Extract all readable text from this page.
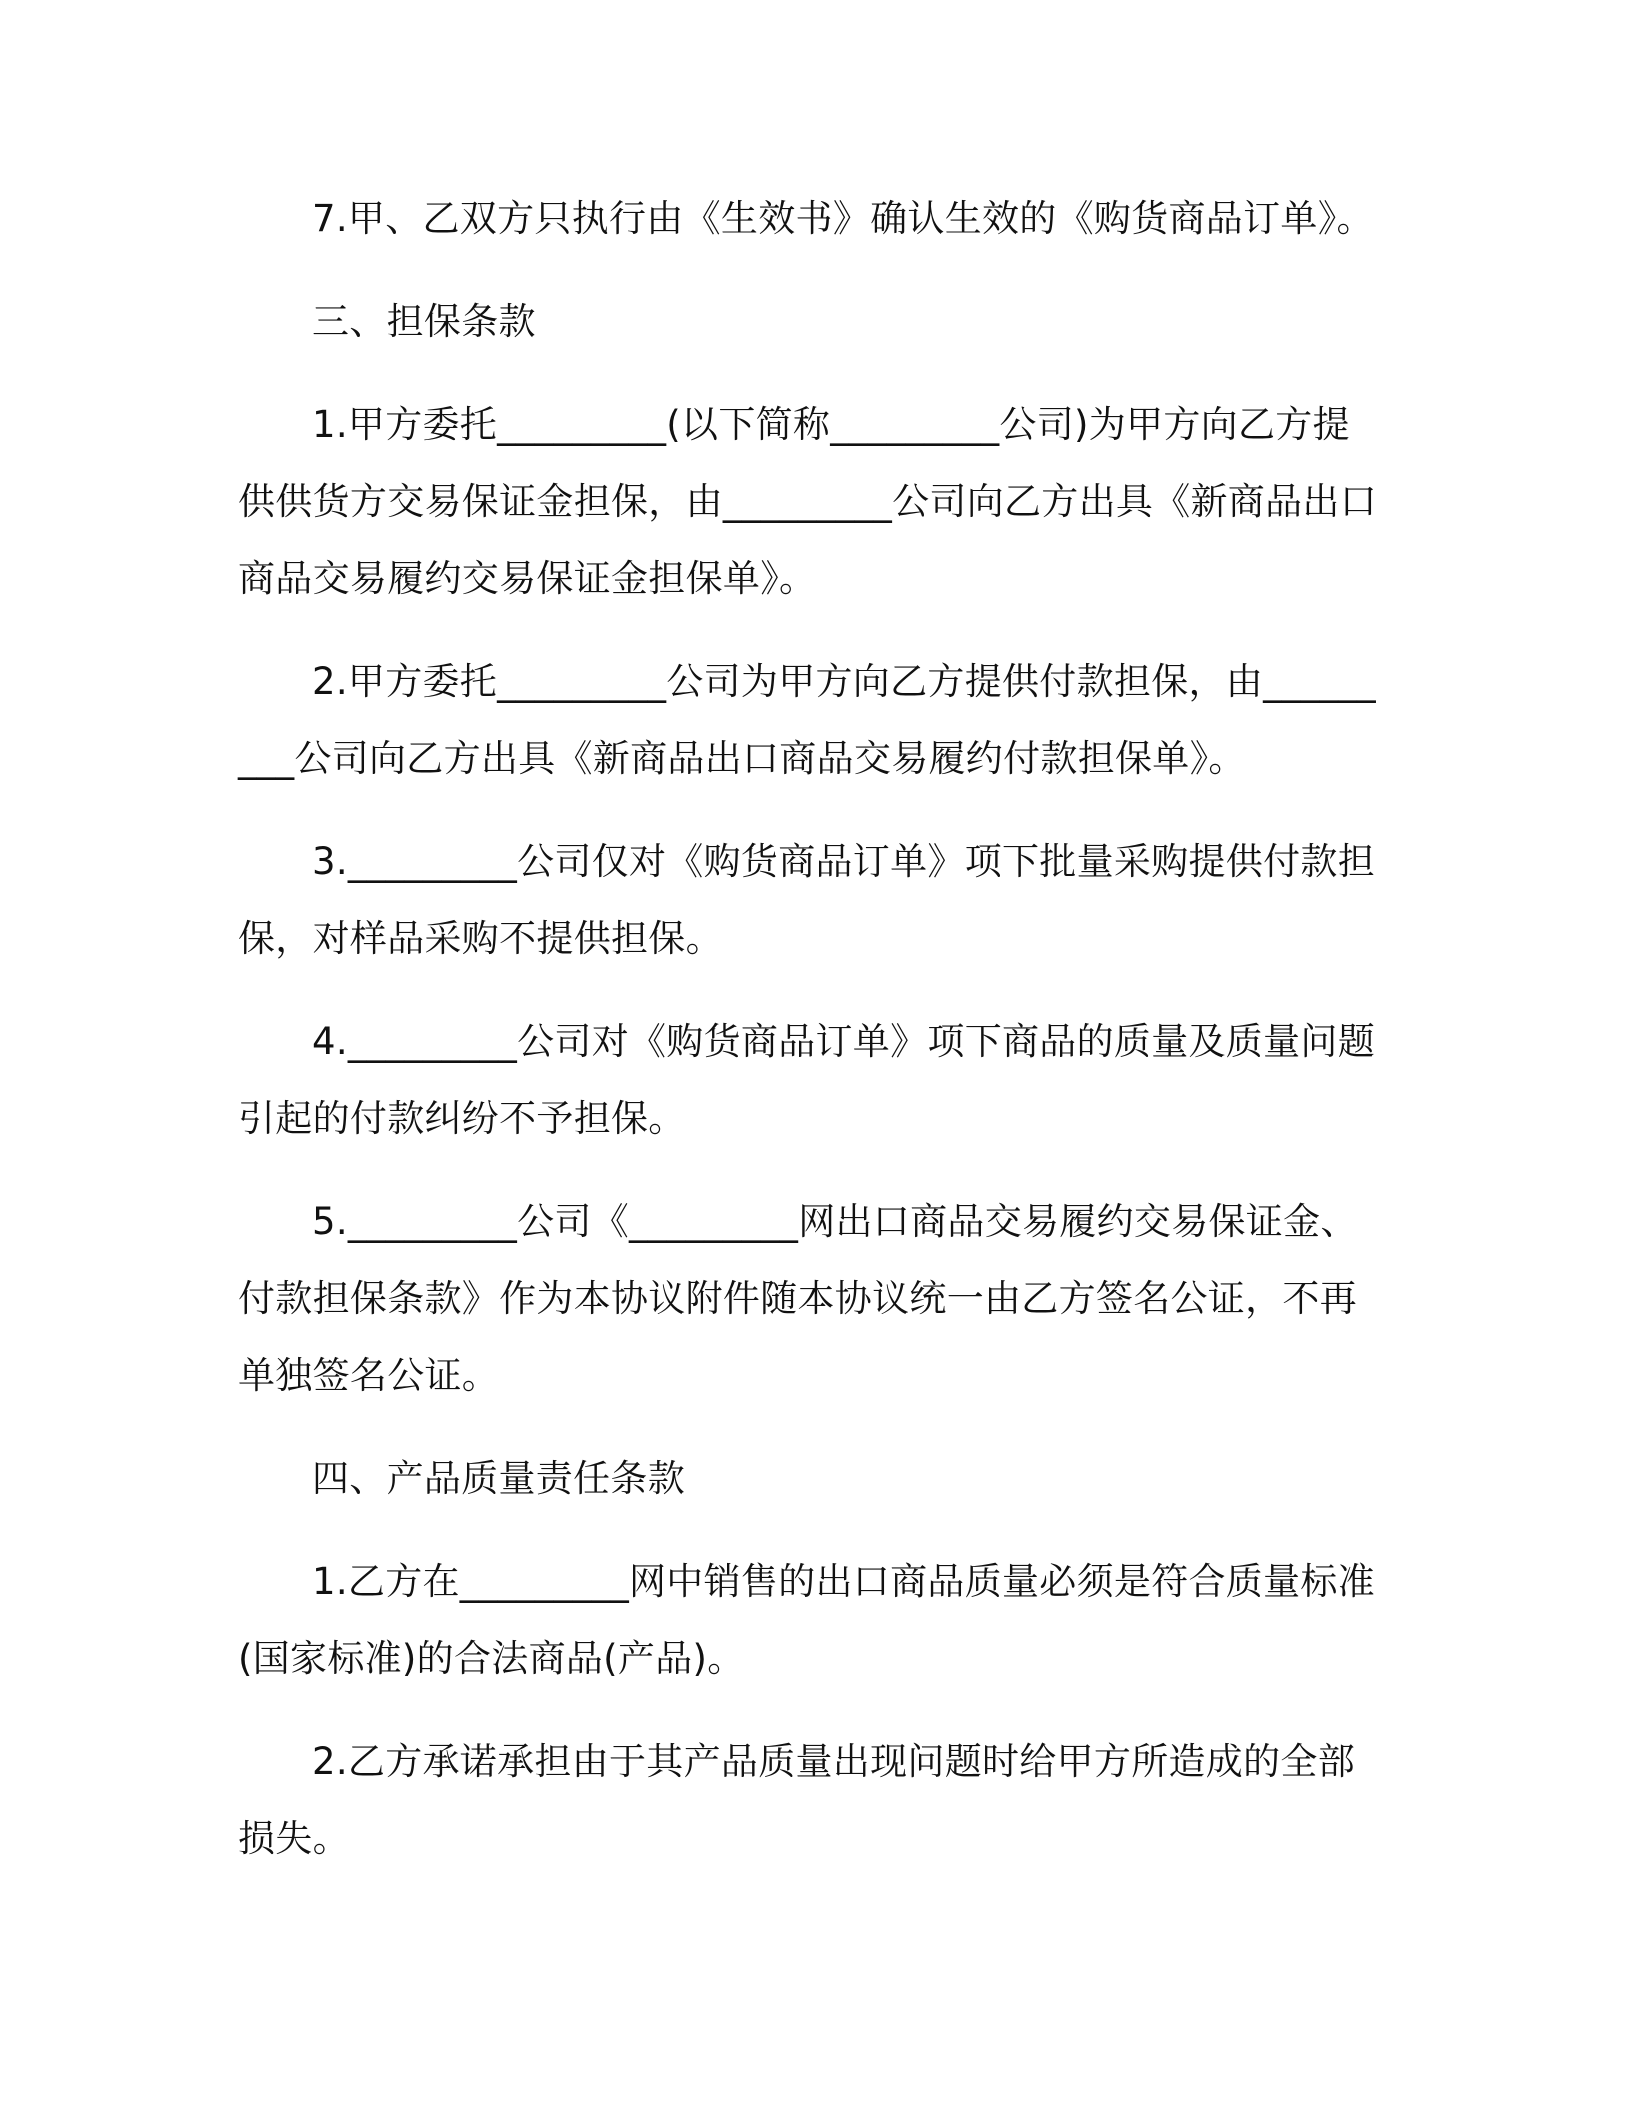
7.甲、乙双方只执行由《生效书》确认生效的《购货商品订单》。

三、担保条款

1.甲方委托_________(以下简称_________公司)为甲方向乙方提供供货方交易保证金担保，由_________公司向乙方出具《新商品出口商品交易履约交易保证金担保单》。

2.甲方委托_________公司为甲方向乙方提供付款担保，由_________公司向乙方出具《新商品出口商品交易履约付款担保单》。

3._________公司仅对《购货商品订单》项下批量采购提供付款担保，对样品采购不提供担保。

4._________公司对《购货商品订单》项下商品的质量及质量问题引起的付款纠纷不予担保。

5._________公司《_________网出口商品交易履约交易保证金、付款担保条款》作为本协议附件随本协议统一由乙方签名公证，不再单独签名公证。

四、产品质量责任条款

1.乙方在_________网中销售的出口商品质量必须是符合质量标准(国家标准)的合法商品(产品)。

2.乙方承诺承担由于其产品质量出现问题时给甲方所造成的全部损失。
